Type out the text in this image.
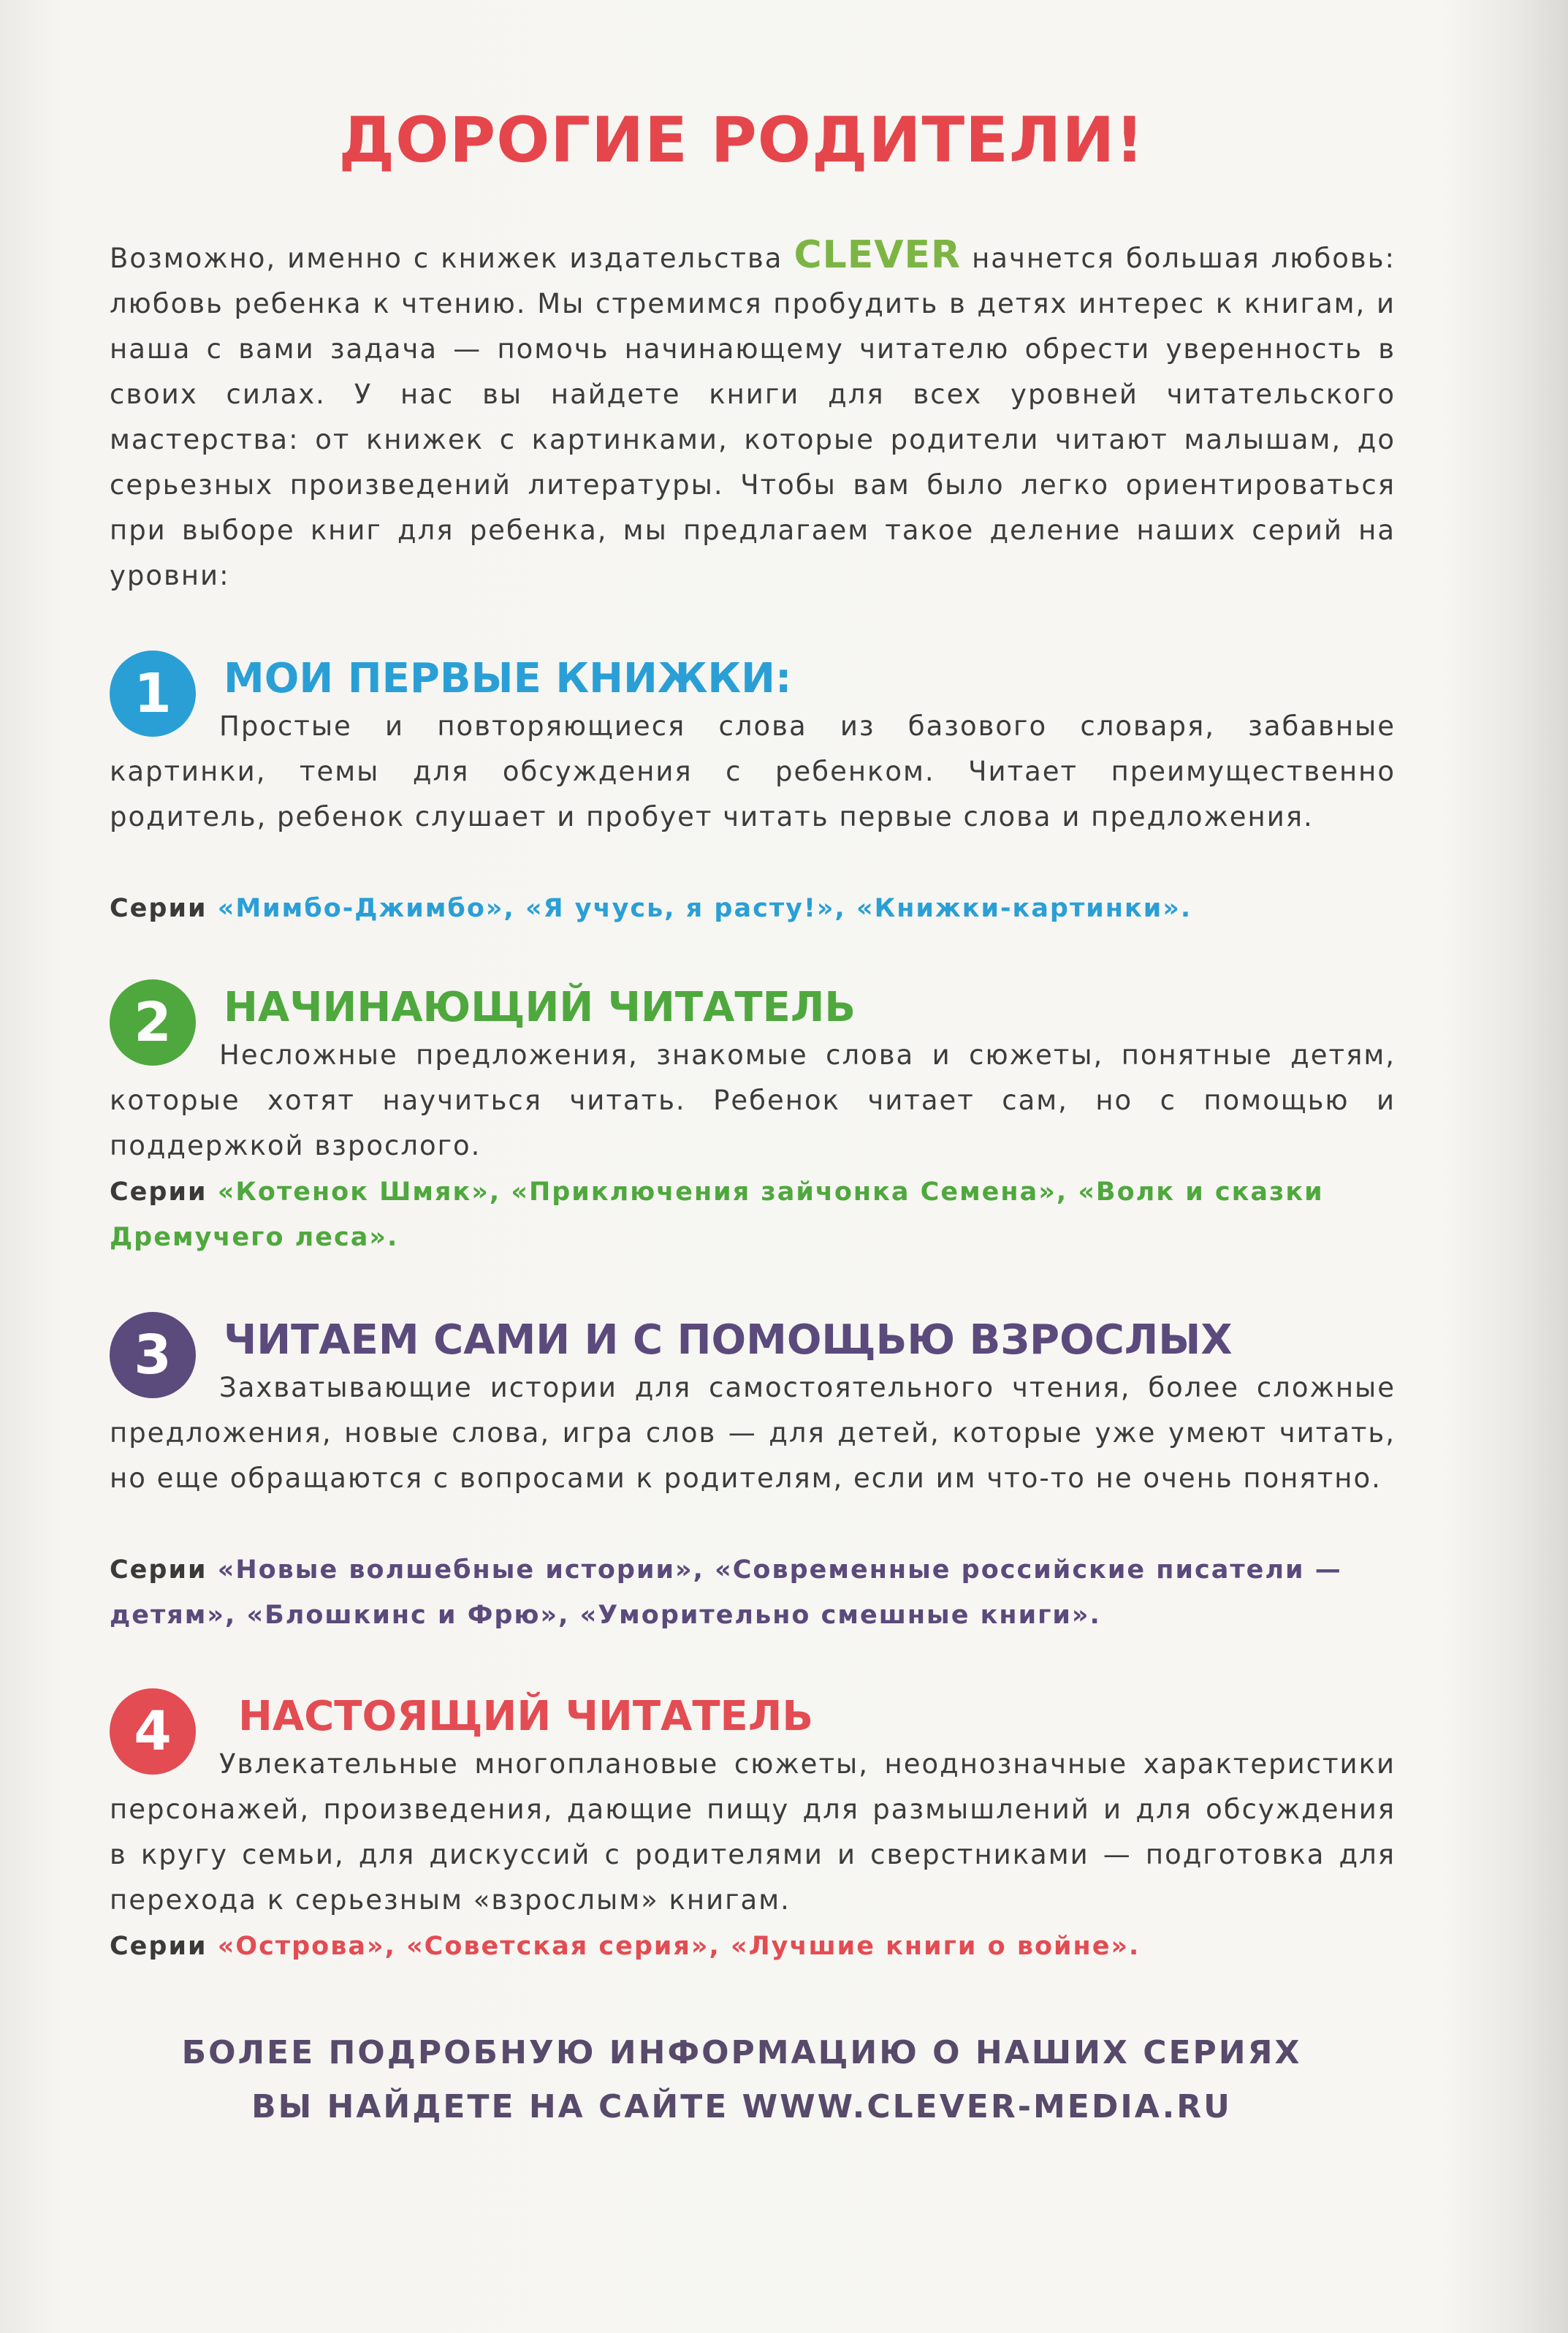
ДОРОГИЕ РОДИТЕЛИ!
Возможно, именно с книжек издательства CLEVER начнется большая любовь: любовь ребенка к чтению. Мы стремимся пробудить в детях интерес к книгам, и наша с вами задача — помочь начинающему читателю обрести уверенность в своих силах. У нас вы найдете книги для всех уровней читательского мастерства: от книжек с картинками, которые родители читают малышам, до серьезных произведений литературы. Чтобы вам было легко ориентироваться при выборе книг для ребенка, мы предлагаем такое деление наших серий на уровни:
1	МОИ ПЕРВЫЕ КНИЖКИ:
Простые и повторяющиеся слова из базового словаря, забавные картинки, темы для обсуждения с ребенком. Читает преимущественно родитель, ребенок слушает и пробует читать первые слова и предложения.
Серии «Мимбо-Джимбо», «Я учусь, я расту!», «Книжки-картинки».
2	НАЧИНАЮЩИЙ ЧИТАТЕЛЬ
Несложные предложения, знакомые слова и сюжеты, понятные детям, которые хотят научиться читать. Ребенок читает сам, но с помощью и поддержкой взрослого.
Серии «Котенок Шмяк», «Приключения зайчонка Семена», «Волк и сказки Дремучего леса».
3	ЧИТАЕМ САМИ И С ПОМОЩЬЮ ВЗРОСЛЫХ
Захватывающие истории для самостоятельного чтения, более сложные предложения, новые слова, игра слов — для детей, которые уже умеют читать, но еще обращаются с вопросами к родителям, если им что-то не очень понятно.
Серии «Новые волшебные истории», «Современные российские писатели — детям», «Блошкинс и Фрю», «Уморительно смешные книги».
4	НАСТОЯЩИЙ ЧИТАТЕЛЬ
Увлекательные многоплановые сюжеты, неоднозначные характеристики персонажей, произведения, дающие пищу для размышлений и для обсуждения в кругу семьи, для дискуссий с родителями и сверстниками — подготовка для перехода к серьезным «взрослым» книгам.
Серии «Острова», «Советская серия», «Лучшие книги о войне».
БОЛЕЕ ПОДРОБНУЮ ИНФОРМАЦИЮ О НАШИХ СЕРИЯХ
ВЫ НАЙДЕТЕ НА САЙТЕ WWW.CLEVER-MEDIA.RU
